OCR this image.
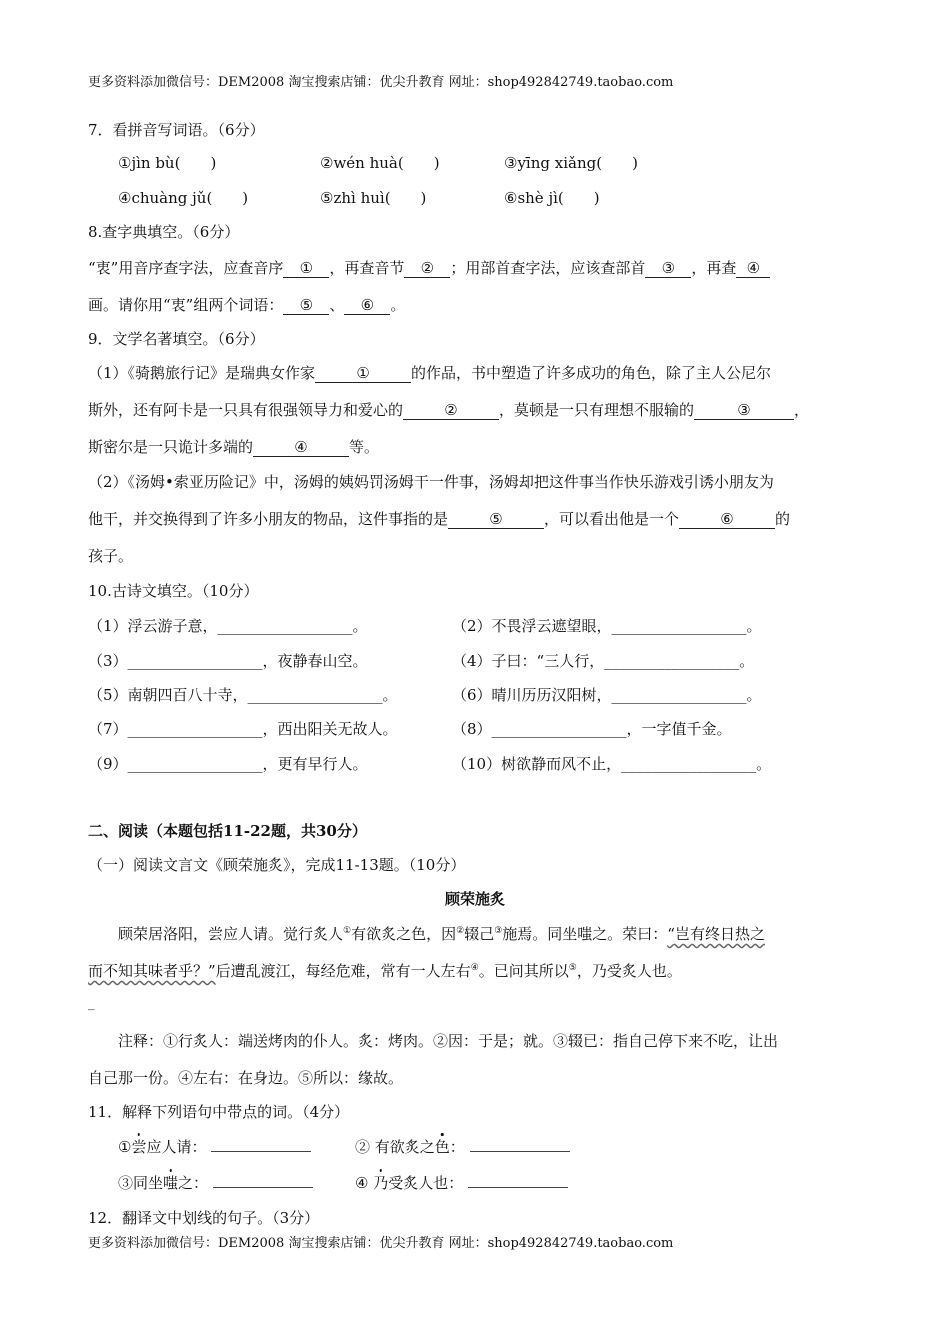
更多资料添加微信号：DEM2008 淘宝搜索店铺：优尖升教育 网址：shop492842749.taobao.com
7．看拼音写词语。（6分）
①jìn bù(　　)	②wén huà(　　)	③yīng xiǎng(　　)
④chuàng jǔ(　　)	⑤zhì huì(　　)	⑥shè jì(　　)
8.查字典填空。（6分）
“衷”用音序查字法，应查音序 ① ，再查音节 ② ；用部首查字法，应该查部首 ③ ，再查 ④
画。请你用“衷”组两个词语： ⑤ 、 ⑥ 。
9．文学名著填空。（6分）
（1）《骑鹅旅行记》是瑞典女作家	①	的作品，书中塑造了许多成功的角色，除了主人公尼尔
斯外，还有阿卡是一只具有很强领导力和爱心的	②	，莫顿是一只有理想不服输的	③	，
斯密尔是一只诡计多端的	④	等。
（2）《汤姆•索亚历险记》中，汤姆的姨妈罚汤姆干一件事，汤姆却把这件事当作快乐游戏引诱小朋友为
他干，并交换得到了许多小朋友的物品，这件事指的是	⑤	，可以看出他是一个	⑥	的
孩子。
10.古诗文填空。（10分）
（1）浮云游子意，__________________。	（2）不畏浮云遮望眼，__________________。
（3）__________________，夜静春山空。	（4）子曰：“三人行，__________________。
（5）南朝四百八十寺，__________________。	（6）晴川历历汉阳树，__________________。
（7）__________________，西出阳关无故人。	（8）__________________，一字值千金。
（9）__________________，更有早行人。	（10）树欲静而风不止，__________________。
二、阅读（本题包括11-22题，共30分）
（一）阅读文言文《顾荣施炙》，完成11-13题。（10分）
顾荣施炙
顾荣居洛阳，尝应人请。觉行炙人①有欲炙之色，因②辍己③施焉。同坐嗤之。荣曰：“岂有终日热之
而不知其味者乎？”后遭乱渡江，每经危难，常有一人左右④。已问其所以⑤，乃受炙人也。
_
注释：①行炙人：端送烤肉的仆人。炙：烤肉。②因：于是；就。③辍已：指自己停下来不吃，让出
自己那一份。④左右：在身边。⑤所以：缘故。
11．解释下列语句中带点的词。（4分）
①尝应人请：	② 有欲炙之色：
③同坐嗤之：	④ 乃受炙人也：
12．翻译文中划线的句子。（3分）
更多资料添加微信号：DEM2008 淘宝搜索店铺：优尖升教育 网址：shop492842749.taobao.com
